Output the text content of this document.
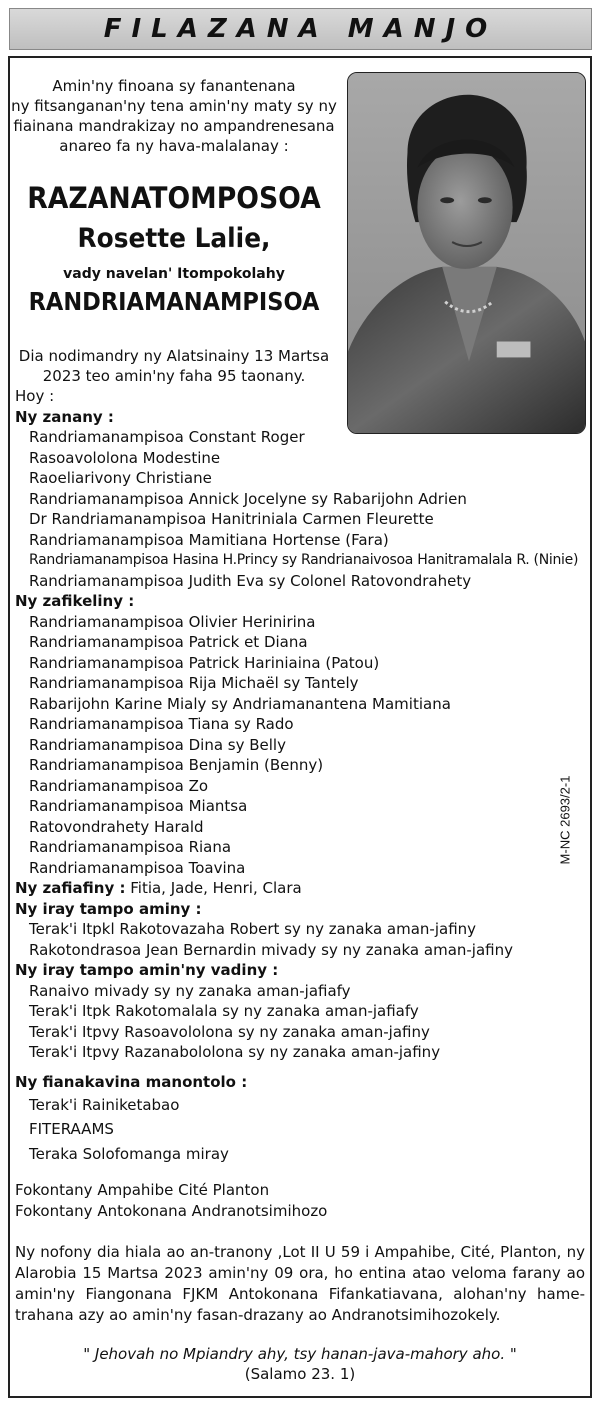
FILAZANA MANJO
Amin'ny finoana sy fanantenana
ny fitsanganan'ny tena amin'ny maty sy ny
fiainana mandrakizay no ampandrenesana
anareo fa ny hava-malalanay :
RAZANATOMPOSOA
Rosette Lalie,
vady navelan' Itompokolahy
RANDRIAMANAMPISOA
Dia nodimandry ny Alatsinainy 13 Martsa
2023 teo amin'ny faha 95 taonany.
Hoy :
Ny zanany :
Randriamanampisoa Constant Roger
Rasoavololona Modestine
Raoeliarivony Christiane
Randriamanampisoa Annick Jocelyne sy Rabarijohn Adrien
Dr Randriamanampisoa Hanitriniala Carmen Fleurette
Randriamanampisoa Mamitiana Hortense (Fara)
Randriamanampisoa Hasina H.Princy sy Randrianaivosoa Hanitramalala R. (Ninie)
Randriamanampisoa Judith Eva sy Colonel Ratovondrahety
Ny zafikeliny :
Randriamanampisoa Olivier Herinirina
Randriamanampisoa Patrick et Diana
Randriamanampisoa Patrick Hariniaina (Patou)
Randriamanampisoa Rija Michaël sy Tantely
Rabarijohn Karine Mialy sy Andriamanantena Mamitiana
Randriamanampisoa Tiana sy Rado
Randriamanampisoa Dina sy Belly
Randriamanampisoa Benjamin (Benny)
Randriamanampisoa Zo
Randriamanampisoa Miantsa
Ratovondrahety Harald
Randriamanampisoa Riana
Randriamanampisoa Toavina
Ny zafiafiny : Fitia, Jade, Henri, Clara
Ny iray tampo aminy :
Terak'i Itpkl Rakotovazaha Robert sy ny zanaka aman-jafiny
Rakotondrasoa Jean Bernardin mivady sy ny zanaka aman-jafiny
Ny iray tampo amin'ny vadiny :
Ranaivo mivady sy ny zanaka aman-jafiafy
Terak'i Itpk Rakotomalala sy ny zanaka aman-jafiafy
Terak'i Itpvy Rasoavololona sy ny zanaka aman-jafiny
Terak'i Itpvy Razanabololona sy ny zanaka aman-jafiny
Ny fianakavina manontolo :
Terak'i Rainiketabao
FITERAAMS
Teraka Solofomanga miray
Fokontany Ampahibe Cité Planton
Fokontany Antokonana Andranotsimihozo
Ny nofony dia hiala ao an-tranony ,Lot II U 59 i Ampahibe, Cité, Planton, ny Alarobia 15 Martsa 2023 amin'ny 09 ora, ho entina atao veloma farany ao amin'ny Fiangonana FJKM Antokonana Fifankatiavana, alohan'ny hame-trahana azy ao amin'ny fasan-drazany ao Andranotsimihozokely.
" Jehovah no Mpiandry ahy, tsy hanan-java-mahory aho. "
(Salamo 23. 1)
M-NC 2693/2-1
